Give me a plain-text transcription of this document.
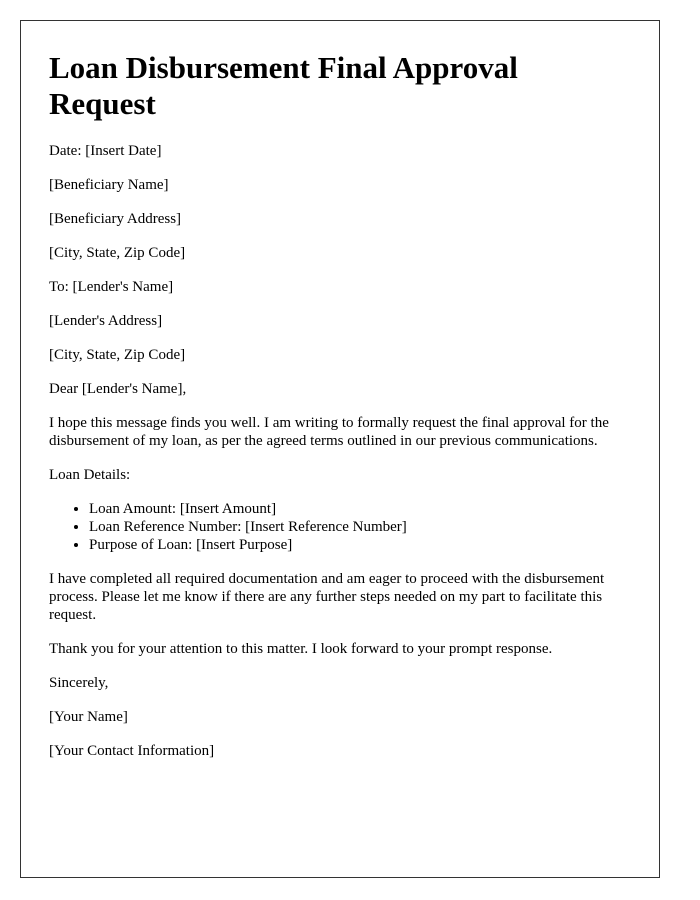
Loan Disbursement Final Approval Request

Date: [Insert Date]

[Beneficiary Name]

[Beneficiary Address]

[City, State, Zip Code]

To: [Lender's Name]

[Lender's Address]

[City, State, Zip Code]

Dear [Lender's Name],

I hope this message finds you well. I am writing to formally request the final approval for the disbursement of my loan, as per the agreed terms outlined in our previous communications.

Loan Details:

• Loan Amount: [Insert Amount]
• Loan Reference Number: [Insert Reference Number]
• Purpose of Loan: [Insert Purpose]

I have completed all required documentation and am eager to proceed with the disbursement process. Please let me know if there are any further steps needed on my part to facilitate this request.

Thank you for your attention to this matter. I look forward to your prompt response.

Sincerely,

[Your Name]

[Your Contact Information]
